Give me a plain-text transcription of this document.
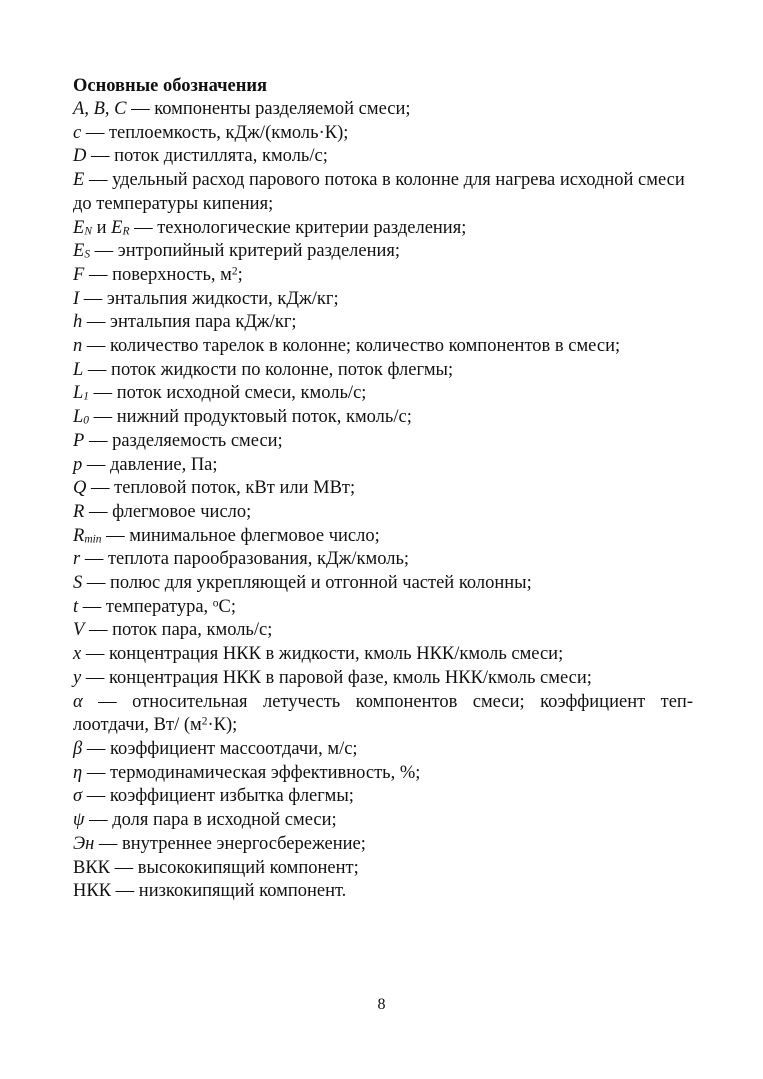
Основные обозначения
A, B, C — компоненты разделяемой смеси;
c — теплоемкость, кДж/(кмоль·К);
D — поток дистиллята, кмоль/с;
E — удельный расход парового потока в колонне для нагрева исходной смеси до температуры кипения;
$E_N$ и $E_R$ — технологические критерии разделения;
$E_S$ — энтропийный критерий разделения;
F — поверхность, $м^2$;
I — энтальпия жидкости, кДж/кг;
h — энтальпия пара кДж/кг;
n — количество тарелок в колонне; количество компонентов в смеси;
L — поток жидкости по колонне, поток флегмы;
$L_1$ — поток исходной смеси, кмоль/с;
$L_0$ — нижний продуктовый поток, кмоль/с;
P — разделяемость смеси;
p — давление, Па;
Q — тепловой поток, кВт или МВт;
R — флегмовое число;
$R_{min}$ — минимальное флегмовое число;
r — теплота парообразования, кДж/кмоль;
S — полюс для укрепляющей и отгонной частей колонны;
t — температура, $^о$С;
V — поток пара, кмоль/с;
x — концентрация НКК в жидкости, кмоль НКК/кмоль смеси;
y — концентрация НКК в паровой фазе, кмоль НКК/кмоль смеси;
α — относительная летучесть компонентов смеси; коэффициент теп-лоотдачи, Вт/ $(м^2\cdot К)$;
β — коэффициент массоотдачи, м/с;
η — термодинамическая эффективность, %;
σ — коэффициент избытка флегмы;
ψ — доля пара в исходной смеси;
Эн — внутреннее энергосбережение;
ВКК — высококипящий компонент;
НКК — низкокипящий компонент.
8
